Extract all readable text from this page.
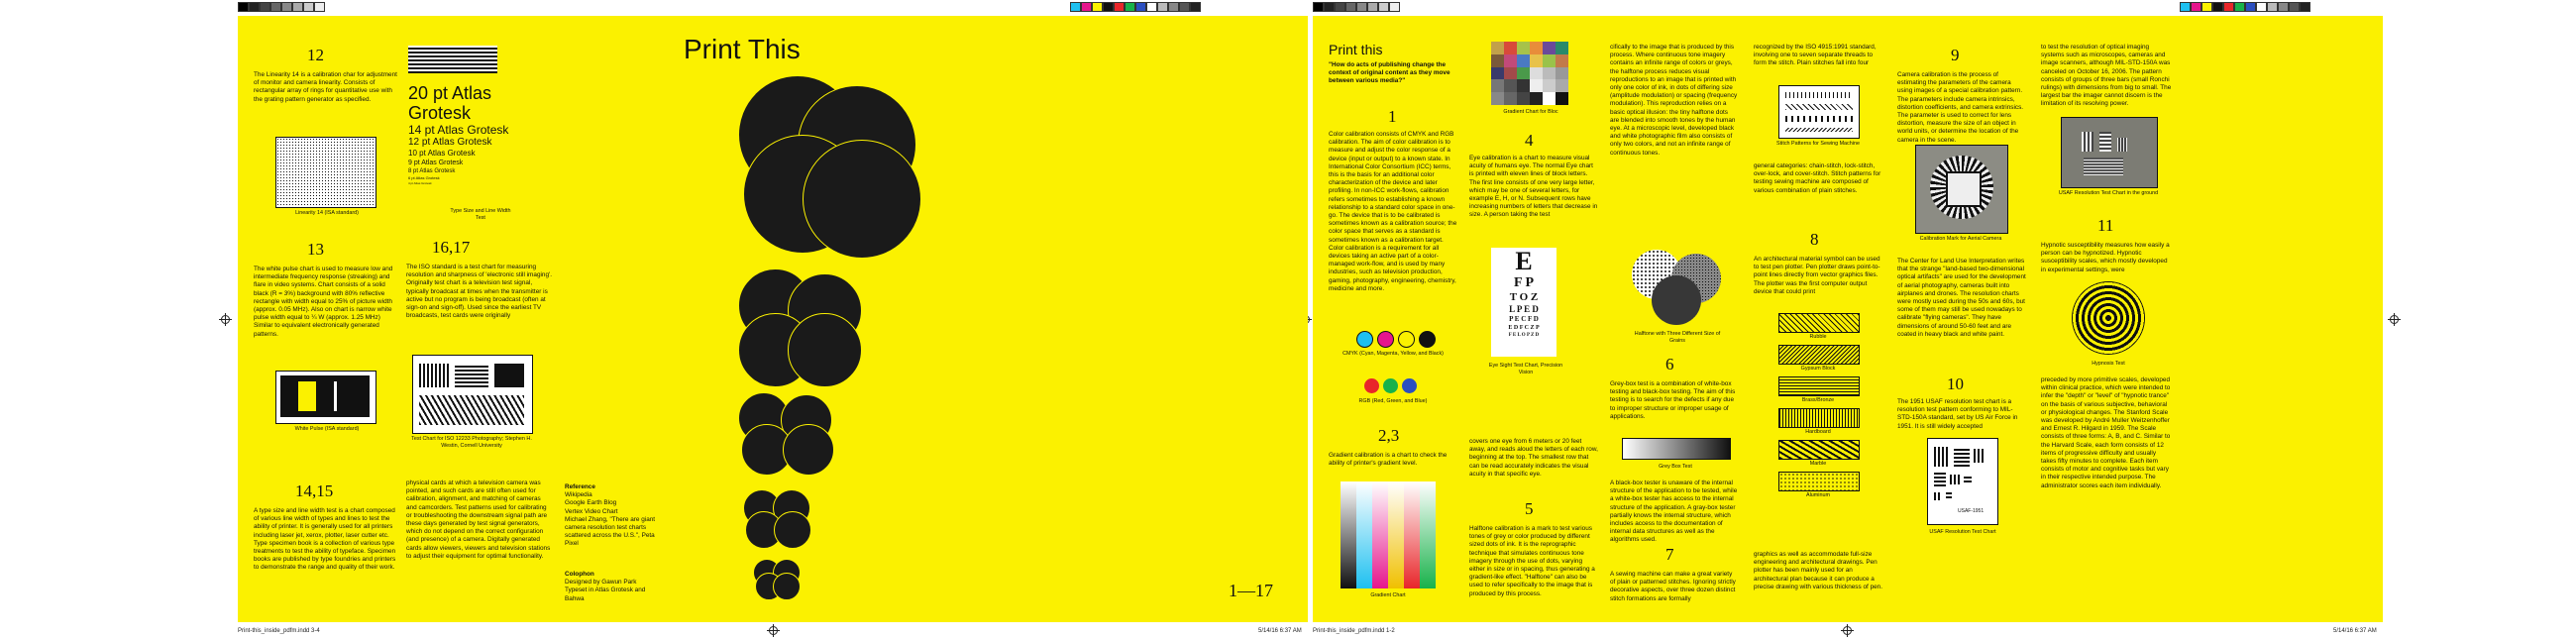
12
The Linearity 14 is a calibration char for adjustment of monitor and camera linearity. Consists of rectangular array of rings for quantitative use with the grating pattern generator as specified.
Linearity 14 (ISA standard)
13
The white pulse chart is used to measure low and intermediate frequency response (streaking) and flare in video systems. Chart consists of a solid black (R = 3%) background with 80% reflective rectangle with width equal to 25% of picture width (approx. 0.05 MHz). Also on chart is narrow white pulse width equal to ¼ W (approx. 1.25 MHz) Similar to equivalent electronically generated patterns.
White Pulse (ISA standard)
14,15
A type size and line width test is a chart composed of various line width of types and lines to test the ability of printer. It is generally used for all printers including laser jet, xerox, plotter, laser cutter etc. Type specimen book is a collection of various type treatments to test the ability of typeface. Specimen books are published by type foundries and printers to demonstrate the range and quality of their work.
20 pt Atlas Grotesk
14 pt Atlas Grotesk
12 pt Atlas Grotesk
10 pt Atlas Grotesk
9 pt Atlas Grotesk
8 pt Atlas Grotesk
6 pt Atlas Grotesk
4 pt Atlas Grotesk
Type Size and Line Width Test
16,17
The ISO standard is a test chart for measuring resolution and sharpness of 'electronic still imaging'. Originally test chart is a television test signal, typically broadcast at times when the transmitter is active but no program is being broadcast (often at sign-on and sign-off). Used since the earliest TV broadcasts, test cards were originally
Test Chart for ISO 12233 Photography; Stephen H. Westin, Cornell University
physical cards at which a television camera was pointed, and such cards are still often used for calibration, alignment, and matching of cameras and camcorders. Test patterns used for calibrating or troubleshooting the downstream signal path are these days generated by test signal generators, which do not depend on the correct configuration (and presence) of a camera. Digitally generated cards allow viewers, viewers and television stations to adjust their equipment for optimal functionality.
Reference
Wikipedia
Google Earth Blog
Vertex Video Chart
Michael Zhang, "There are giant camera resolution test charts scattered across the U.S.", Peta Pixel
Colophon
Designed by Gawun Park
Typeset in Atlas Grotesk and Bahwa
Print This
1—17
Print this
"How do acts of publishing change the context of original content as they move between various media?"
1
Color calibration consists of CMYK and RGB calibration. The aim of color calibration is to measure and adjust the color response of a device (input or output) to a known state. In International Color Consortium (ICC) terms, this is the basis for an additional color characterization of the device and later profiling. In non-ICC work-flows, calibration refers sometimes to establishing a known relationship to a standard color space in one-go. The device that is to be calibrated is sometimes known as a calibration source; the color space that serves as a standard is sometimes known as a calibration target. Color calibration is a requirement for all devices taking an active part of a color-managed work-flow, and is used by many industries, such as television production, gaming, photography, engineering, chemistry, medicine and more.
CMYK (Cyan, Magenta, Yellow, and Black)
RGB (Red, Green, and Blue)
2,3
Gradient calibration is a chart to check the ability of printer's gradient level.
Gradient Chart
Gradient Chart for Bloc
4
Eye calibration is a chart to measure visual acuity of humans eye. The normal Eye chart is printed with eleven lines of block letters. The first line consists of one very large letter, which may be one of several letters, for example E, H, or N. Subsequent rows have increasing numbers of letters that decrease in size. A person taking the test
E
F P
T O Z
L P E D
P E C F D
E D F C Z P
F E L O P Z D
Eye Sight Test Chart, Precision Vision
covers one eye from 6 meters or 20 feet away, and reads aloud the letters of each row, beginning at the top. The smallest row that can be read accurately indicates the visual acuity in that specific eye.
5
Halftone calibration is a mark to test various tones of grey or color produced by different sized dots of ink. It is the reprographic technique that simulates continuous tone imagery through the use of dots, varying either in size or in spacing, thus generating a gradient-like effect. "Halftone" can also be used to refer specifically to the image that is produced by this process.
cifically to the image that is produced by this process. Where continuous tone imagery contains an infinite range of colors or greys, the halftone process reduces visual reproductions to an image that is printed with only one color of ink, in dots of differing size (amplitude modulation) or spacing (frequency modulation). This reproduction relies on a basic optical illusion: the tiny halftone dots are blended into smooth tones by the human eye. At a microscopic level, developed black and white photographic film also consists of only two colors, and not an infinite range of continuous tones.
Halftone with Three Different Size of Grains
6
Grey-box test is a combination of white-box testing and black-box testing. The aim of this testing is to search for the defects if any due to improper structure or improper usage of applications.
Grey Box Test
A black-box tester is unaware of the internal structure of the application to be tested, while a white-box tester has access to the internal structure of the application. A gray-box tester partially knows the internal structure, which includes access to the documentation of internal data structures as well as the algorithms used.
7
A sewing machine can make a great variety of plain or patterned stitches. Ignoring strictly decorative aspects, over three dozen distinct stitch formations are formally
recognized by the ISO 4915:1991 standard, involving one to seven separate threads to form the stitch. Plain stitches fall into four
Stitch Patterns for Sewing Machine
general categories: chain-stitch, lock-stitch, over-lock, and cover-stitch. Stitch patterns for testing sewing machine are composed of various combination of plain stitches.
8
An architectural material symbol can be used to test pen plotter. Pen plotter draws point-to-point lines directly from vector graphics files. The plotter was the first computer output device that could print
Rubble
Gypsum Block
Brass/Bronze
Hardboard
Marble
Aluminum
graphics as well as accommodate full-size engineering and architectural drawings. Pen plotter has been mainly used for an architectural plan because it can produce a precise drawing with various thickness of pen.
9
Camera calibration is the process of estimating the parameters of the camera using images of a special calibration pattern. The parameters include camera intrinsics, distortion coefficients, and camera extrinsics. The parameter is used to correct for lens distortion, measure the size of an object in world units, or determine the location of the camera in the scene.
Calibration Mark for Aerial Camera
The Center for Land Use Interpretation writes that the strange "land-based two-dimensional optical artifacts" are used for the development of aerial photography, cameras built into airplanes and drones. The resolution charts were mostly used during the 50s and 60s, but some of them may still be used nowadays to calibrate "flying cameras". They have dimensions of around 50-60 feet and are coated in heavy black and white paint.
10
The 1951 USAF resolution test chart is a resolution test pattern conforming to MIL-STD-150A standard, set by US Air Force in 1951. It is still widely accepted
USAF-1951
USAF Resolution Test Chart
to test the resolution of optical imaging systems such as microscopes, cameras and image scanners, although MIL-STD-150A was canceled on October 16, 2006. The pattern consists of groups of three bars (small Ronchi rulings) with dimensions from big to small. The largest bar the imager cannot discern is the limitation of its resolving power.
USAF Resolution Test Chart in the ground
11
Hypnotic susceptibility measures how easily a person can be hypnotized. Hypnotic susceptibility scales, which mostly developed in experimental settings, were
Hypnosis Test
preceded by more primitive scales, developed within clinical practice, which were intended to infer the "depth" or "level" of "hypnotic trance" on the basis of various subjective, behavioral or physiological changes. The Stanford Scale was developed by André Muller Weitzenhoffer and Ernest R. Hilgard in 1959. The Scale consists of three forms: A, B, and C. Similar to the Harvard Scale, each form consists of 12 items of progressive difficulty and usually takes fifty minutes to complete. Each item consists of motor and cognitive tasks but vary in their respective intended purpose. The administrator scores each item individually.
Print-this_inside_pdfm.indd 3-4	5/14/16 6:37 AM Print-this_inside_pdfm.indd 1-2	5/14/16 6:37 AM
